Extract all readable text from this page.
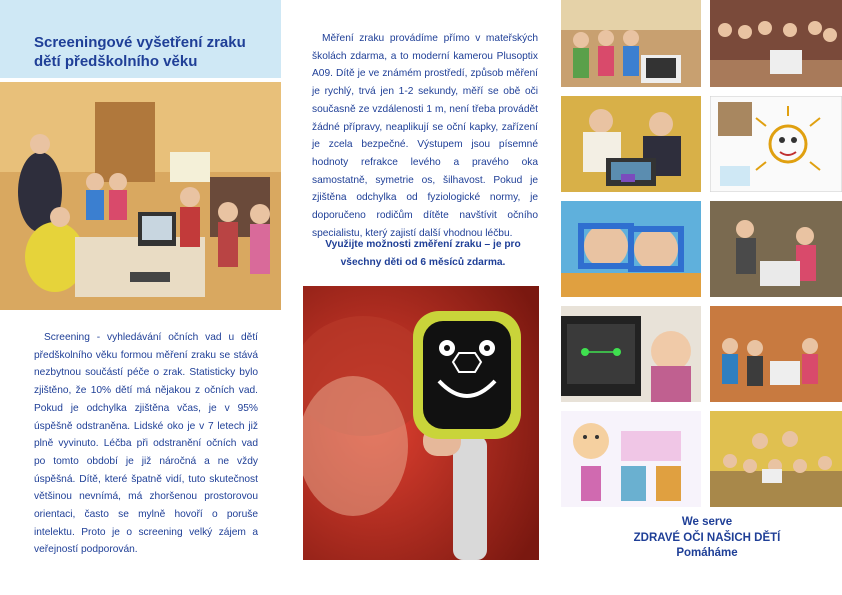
Screeningové vyšetření zraku
dětí předškolního věku

Screening - vyhledávání očních vad u dětí předškolního věku formou měření zraku se stává nezbytnou součástí péče o zrak. Statisticky bylo zjištěno, že 10% dětí má nějakou z očních vad. Pokud je odchylka zjištěna včas, je v 95% úspěšně odstraněna. Lidské oko je v 7 letech již plně vyvinuto. Léčba při odstranění očních vad po tomto období je již náročná a ne vždy úspěšná. Dítě, které špatně vidí, tuto skutečnost většinou nevnímá, má zhoršenou prostorovou orientaci, často se mylně hovoří o poruše intelektu. Proto je o screening velký zájem a veřejností podporován.

Měření zraku provádíme přímo v mateřských školách zdarma, a to moderní kamerou Plusoptix A09. Dítě je ve známém prostředí, způsob měření je rychlý, trvá jen 1-2 sekundy, měří se obě oči současně ze vzdálenosti 1 m, není třeba provádět žádné přípravy, neaplikují se oční kapky, zařízení je zcela bezpečné. Výstupem jsou písemné hodnoty refrakce levého a pravého oka samostatně, symetrie os, šilhavost. Pokud je zjištěna odchylka od fyziologické normy, je doporučeno rodičům dítěte navštívit očního specialistu, který zajistí další vhodnou léčbu.

Využijte možnosti změření zraku – je pro
všechny děti od 6 měsíců zdarma.
We serve
ZDRAVÉ OČI NAŠICH DĚTÍ
Pomáháme
